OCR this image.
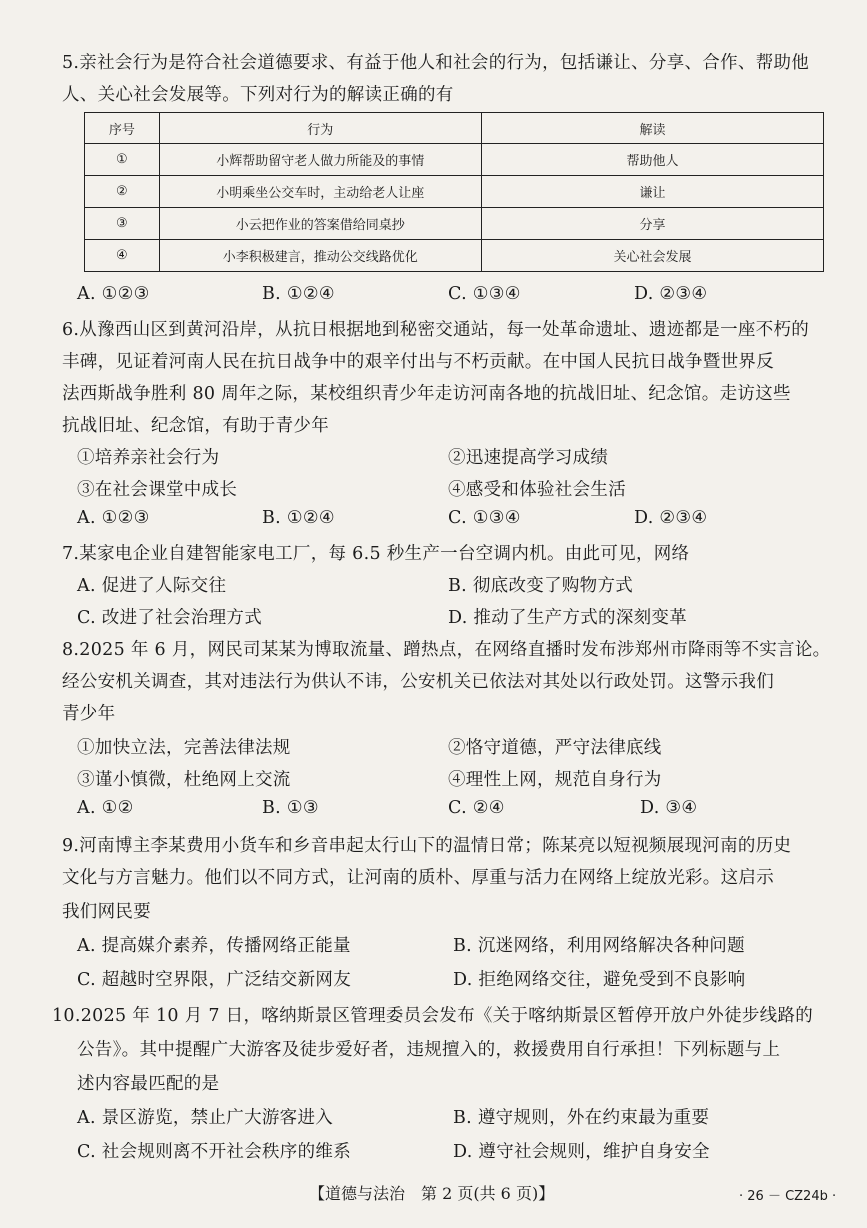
5.亲社会行为是符合社会道德要求、有益于他人和社会的行为，包括谦让、分享、合作、帮助他
人、关心社会发展等。下列对行为的解读正确的有
序号	行为	解读
①	小辉帮助留守老人做力所能及的事情	帮助他人
②	小明乘坐公交车时，主动给老人让座	谦让
③	小云把作业的答案借给同桌抄	分享
④	小李积极建言，推动公交线路优化	关心社会发展
A. ①②③	B. ①②④	C. ①③④	D. ②③④
6.从豫西山区到黄河沿岸，从抗日根据地到秘密交通站，每一处革命遗址、遗迹都是一座不朽的
丰碑，见证着河南人民在抗日战争中的艰辛付出与不朽贡献。在中国人民抗日战争暨世界反
法西斯战争胜利 80 周年之际，某校组织青少年走访河南各地的抗战旧址、纪念馆。走访这些
抗战旧址、纪念馆，有助于青少年
①培养亲社会行为	②迅速提高学习成绩
③在社会课堂中成长	④感受和体验社会生活
A. ①②③	B. ①②④	C. ①③④	D. ②③④
7.某家电企业自建智能家电工厂，每 6.5 秒生产一台空调内机。由此可见，网络
A. 促进了人际交往	B. 彻底改变了购物方式
C. 改进了社会治理方式	D. 推动了生产方式的深刻变革
8.2025 年 6 月，网民司某某为博取流量、蹭热点，在网络直播时发布涉郑州市降雨等不实言论。
经公安机关调查，其对违法行为供认不讳，公安机关已依法对其处以行政处罚。这警示我们
青少年
①加快立法，完善法律法规	②恪守道德，严守法律底线
③谨小慎微，杜绝网上交流	④理性上网，规范自身行为
A. ①②	B. ①③	C. ②④	D. ③④
9.河南博主李某费用小货车和乡音串起太行山下的温情日常；陈某亮以短视频展现河南的历史
文化与方言魅力。他们以不同方式，让河南的质朴、厚重与活力在网络上绽放光彩。这启示
我们网民要
A. 提高媒介素养，传播网络正能量	B. 沉迷网络，利用网络解决各种问题
C. 超越时空界限，广泛结交新网友	D. 拒绝网络交往，避免受到不良影响
10.2025 年 10 月 7 日，喀纳斯景区管理委员会发布《关于喀纳斯景区暂停开放户外徒步线路的
公告》。其中提醒广大游客及徒步爱好者，违规擅入的，救援费用自行承担！下列标题与上
述内容最匹配的是
A. 景区游览，禁止广大游客进入	B. 遵守规则，外在约束最为重要
C. 社会规则离不开社会秩序的维系	D. 遵守社会规则，维护自身安全
【道德与法治　第 2 页(共 6 页)】	· 26 － CZ24b ·
